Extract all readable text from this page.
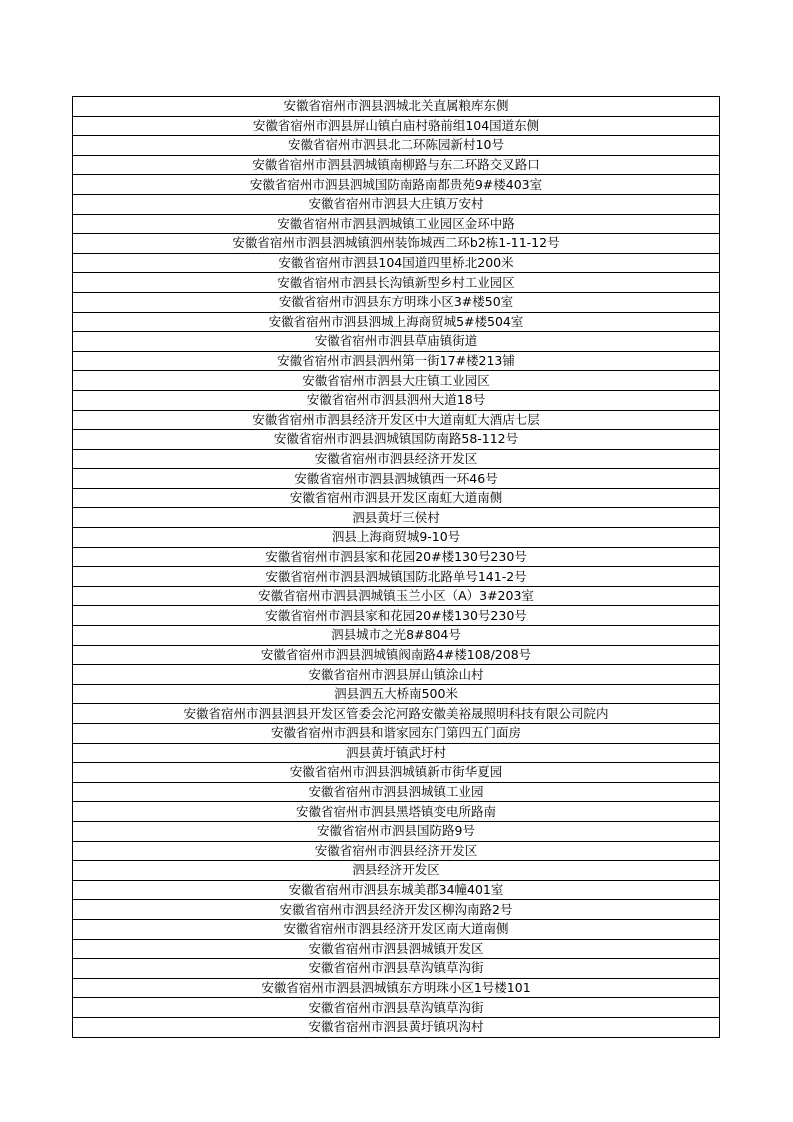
安徽省宿州市泗县泗城北关直属粮库东侧
安徽省宿州市泗县屏山镇白庙村骆前组104国道东侧
安徽省宿州市泗县北二环陈园新村10号
安徽省宿州市泗县泗城镇南柳路与东二环路交叉路口
安徽省宿州市泗县泗城国防南路南都贵苑9#楼403室
安徽省宿州市泗县大庄镇万安村
安徽省宿州市泗县泗城镇工业园区金环中路
安徽省宿州市泗县泗城镇泗州装饰城西二环b2栋1-11-12号
安徽省宿州市泗县104国道四里桥北200米
安徽省宿州市泗县长沟镇新型乡村工业园区
安徽省宿州市泗县东方明珠小区3#楼50室
安徽省宿州市泗县泗城上海商贸城5#楼504室
安徽省宿州市泗县草庙镇街道
安徽省宿州市泗县泗州第一街17#楼213铺
安徽省宿州市泗县大庄镇工业园区
安徽省宿州市泗县泗州大道18号
安徽省宿州市泗县经济开发区中大道南虹大酒店七层
安徽省宿州市泗县泗城镇国防南路58-112号
安徽省宿州市泗县经济开发区
安徽省宿州市泗县泗城镇西一环46号
安徽省宿州市泗县开发区南虹大道南侧
泗县黄圩三侯村
泗县上海商贸城9-10号
安徽省宿州市泗县家和花园20#楼130号230号
安徽省宿州市泗县泗城镇国防北路单号141-2号
安徽省宿州市泗县泗城镇玉兰小区（A）3#203室
安徽省宿州市泗县家和花园20#楼130号230号
泗县城市之光8#804号
安徽省宿州市泗县泗城镇阀南路4#楼108/208号
安徽省宿州市泗县屏山镇涂山村
泗县泗五大桥南500米
安徽省宿州市泗县泗县开发区管委会沱河路安徽美裕晟照明科技有限公司院内
安徽省宿州市泗县和谐家园东门第四五门面房
泗县黄圩镇武圩村
安徽省宿州市泗县泗城镇新市街华夏园
安徽省宿州市泗县泗城镇工业园
安徽省宿州市泗县黑塔镇变电所路南
安徽省宿州市泗县国防路9号
安徽省宿州市泗县经济开发区
泗县经济开发区
安徽省宿州市泗县东城美郡34幢401室
安徽省宿州市泗县经济开发区柳沟南路2号
安徽省宿州市泗县经济开发区南大道南侧
安徽省宿州市泗县泗城镇开发区
安徽省宿州市泗县草沟镇草沟街
安徽省宿州市泗县泗城镇东方明珠小区1号楼101
安徽省宿州市泗县草沟镇草沟街
安徽省宿州市泗县黄圩镇巩沟村
